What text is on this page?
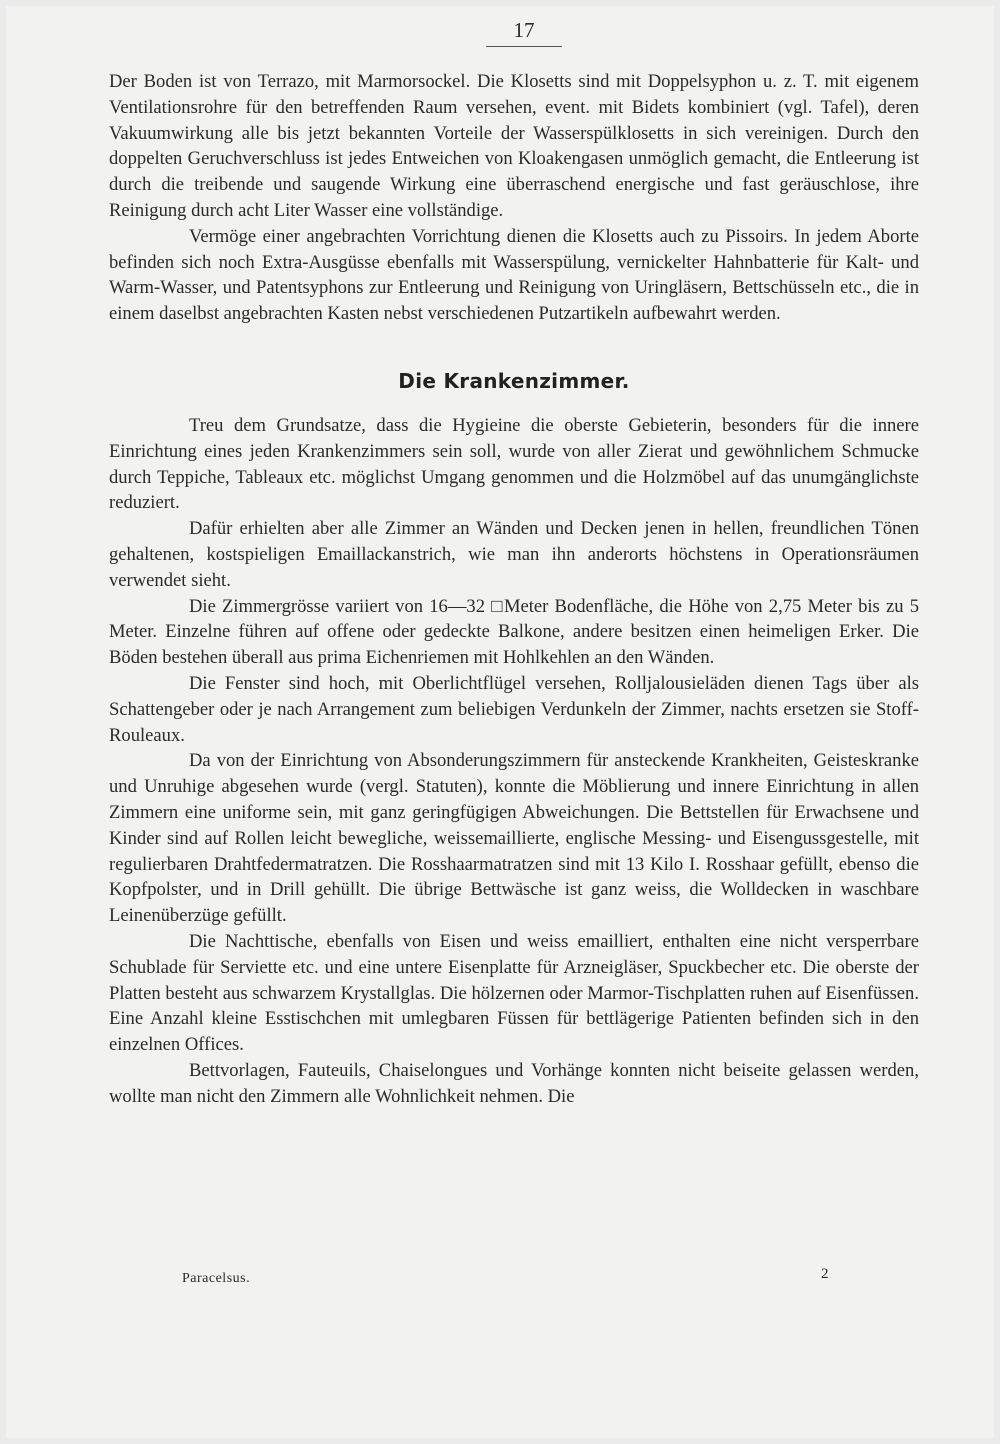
17

Der Boden ist von Terrazo, mit Marmorsockel. Die Klosetts sind mit Doppelsyphon u. z. T. mit eigenem Ventilationsrohre für den betreffenden Raum versehen, event. mit Bidets kombiniert (vgl. Tafel), deren Vakuumwirkung alle bis jetzt bekannten Vorteile der Wasserspülklosetts in sich vereinigen. Durch den doppelten Geruchverschluss ist jedes Entweichen von Kloakengasen unmöglich gemacht, die Entleerung ist durch die treibende und saugende Wirkung eine überraschend energische und fast geräuschlose, ihre Reinigung durch acht Liter Wasser eine vollständige.

Vermöge einer angebrachten Vorrichtung dienen die Klosetts auch zu Pissoirs. In jedem Aborte befinden sich noch Extra-Ausgüsse ebenfalls mit Wasserspülung, vernickelter Hahnbatterie für Kalt- und Warm-Wasser, und Patentsyphons zur Entleerung und Reinigung von Uringläsern, Bettschüsseln etc., die in einem daselbst angebrachten Kasten nebst verschiedenen Putzartikeln aufbewahrt werden.

Die Krankenzimmer.

Treu dem Grundsatze, dass die Hygieine die oberste Gebieterin, besonders für die innere Einrichtung eines jeden Krankenzimmers sein soll, wurde von aller Zierat und gewöhnlichem Schmucke durch Teppiche, Tableaux etc. möglichst Umgang genommen und die Holzmöbel auf das unumgänglichste reduziert.

Dafür erhielten aber alle Zimmer an Wänden und Decken jenen in hellen, freundlichen Tönen gehaltenen, kostspieligen Emaillackanstrich, wie man ihn anderorts höchstens in Operationsräumen verwendet sieht.

Die Zimmergrösse variiert von 16—32 □Meter Bodenfläche, die Höhe von 2,75 Meter bis zu 5 Meter. Einzelne führen auf offene oder gedeckte Balkone, andere besitzen einen heimeligen Erker. Die Böden bestehen überall aus prima Eichenriemen mit Hohlkehlen an den Wänden.

Die Fenster sind hoch, mit Oberlichtflügel versehen, Rolljalousieläden dienen Tags über als Schattengeber oder je nach Arrangement zum beliebigen Verdunkeln der Zimmer, nachts ersetzen sie Stoff-Rouleaux.

Da von der Einrichtung von Absonderungszimmern für ansteckende Krankheiten, Geisteskranke und Unruhige abgesehen wurde (vergl. Statuten), konnte die Möblierung und innere Einrichtung in allen Zimmern eine uniforme sein, mit ganz geringfügigen Abweichungen. Die Bettstellen für Erwachsene und Kinder sind auf Rollen leicht bewegliche, weissemaillierte, englische Messing- und Eisengussgestelle, mit regulierbaren Drahtfedermatratzen. Die Rosshaarmatratzen sind mit 13 Kilo I. Rosshaar gefüllt, ebenso die Kopfpolster, und in Drill gehüllt. Die übrige Bettwäsche ist ganz weiss, die Wolldecken in waschbare Leinenüberzüge gefüllt.

Die Nachttische, ebenfalls von Eisen und weiss emailliert, enthalten eine nicht versperrbare Schublade für Serviette etc. und eine untere Eisenplatte für Arzneigläser, Spuckbecher etc. Die oberste der Platten besteht aus schwarzem Krystallglas. Die hölzernen oder Marmor-Tischplatten ruhen auf Eisenfüssen. Eine Anzahl kleine Esstischchen mit umlegbaren Füssen für bettlägerige Patienten befinden sich in den einzelnen Offices.

Bettvorlagen, Fauteuils, Chaiselongues und Vorhänge konnten nicht beiseite gelassen werden, wollte man nicht den Zimmern alle Wohnlichkeit nehmen. Die

Paracelsus.	2
